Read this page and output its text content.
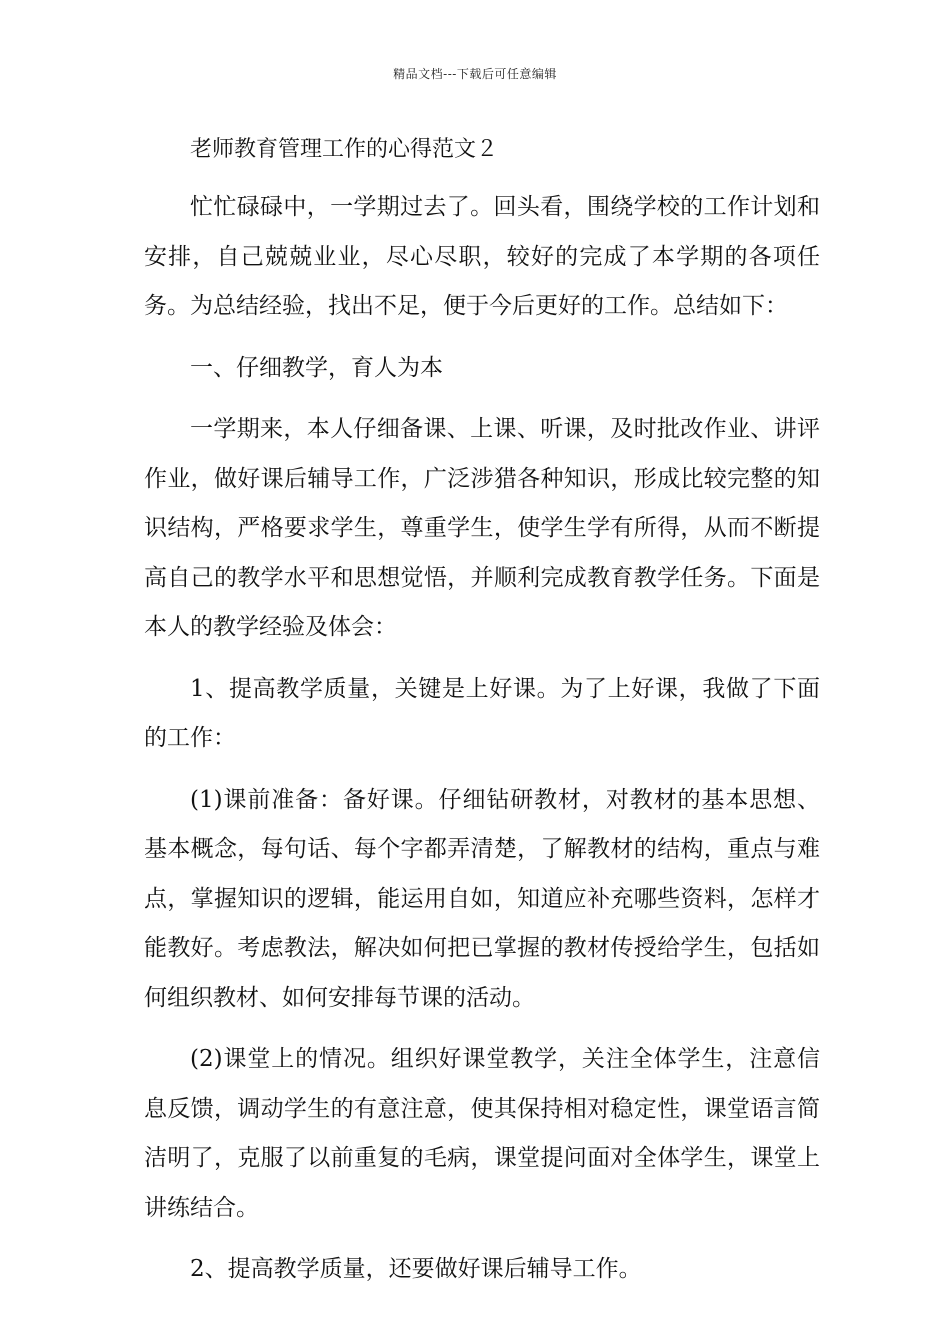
精品文档---下载后可任意编辑
老师教育管理工作的心得范文２

忙忙碌碌中，一学期过去了。回头看，围绕学校的工作计划和安排，自己兢兢业业，尽心尽职，较好的完成了本学期的各项任务。为总结经验，找出不足，便于今后更好的工作。总结如下：

一、仔细教学，育人为本

一学期来，本人仔细备课、上课、听课，及时批改作业、讲评作业，做好课后辅导工作，广泛涉猎各种知识，形成比较完整的知识结构，严格要求学生，尊重学生，使学生学有所得，从而不断提高自己的教学水平和思想觉悟，并顺利完成教育教学任务。下面是本人的教学经验及体会：

1、提高教学质量，关键是上好课。为了上好课，我做了下面的工作：

(1)课前准备：备好课。仔细钻研教材，对教材的基本思想、基本概念，每句话、每个字都弄清楚，了解教材的结构，重点与难点，掌握知识的逻辑，能运用自如，知道应补充哪些资料，怎样才能教好。考虑教法，解决如何把已掌握的教材传授给学生，包括如何组织教材、如何安排每节课的活动。

(2)课堂上的情况。组织好课堂教学，关注全体学生，注意信息反馈，调动学生的有意注意，使其保持相对稳定性，课堂语言简洁明了，克服了以前重复的毛病，课堂提问面对全体学生，课堂上讲练结合。

2、提高教学质量，还要做好课后辅导工作。
